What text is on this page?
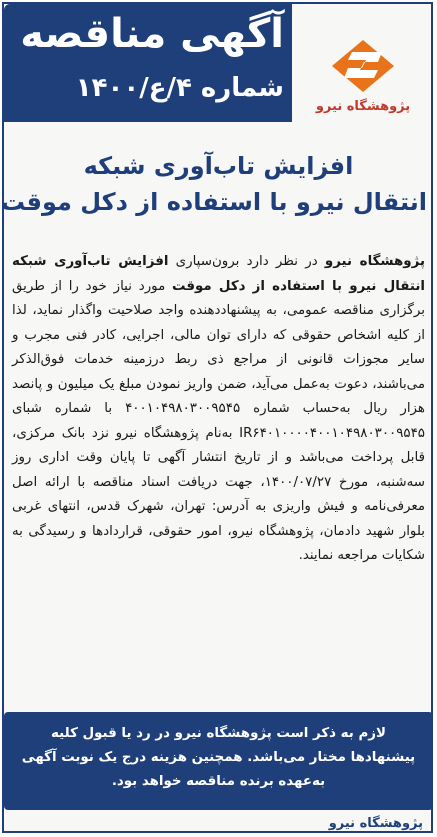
آگهی مناقصه
شماره ۴/ع/۱۴۰۰
پژوهشگاه نیرو
افزایش تاب‌آوری شبکه
انتقال نیرو با استفاده از دکل موقت
پژوهشگاه نیرو در نظر دارد برون‌سپاری افزایش تاب‌آوری شبکه انتقال نیرو با استفاده از دکل موقت مورد نیاز خود را از طریق برگزاری مناقصه عمومی، به پیشنهاددهنده واجد صلاحیت واگذار نماید، لذا از کلیه اشخاص حقوقی که دارای توان مالی، اجرایی، کادر فنی مجرب و سایر مجوزات قانونی از مراجع ذی ربط درزمینه خدمات فوق‌الذکر می‌باشند، دعوت به‌عمل می‌آید، ضمن واریز نمودن مبلغ یک میلیون و پانصد هزار ریال به‌حساب شماره ۴۰۰۱۰۴۹۸۰۳۰۰۹۵۴۵ با شماره شبای IR۶۴۰۱۰۰۰۰۴۰۰۱۰۴۹۸۰۳۰۰۹۵۴۵ به‌نام پژوهشگاه نیرو نزد بانک مرکزی، قابل پرداخت می‌باشد و از تاریخ انتشار آگهی تا پایان وقت اداری روز سه‌شنبه، مورخ ۱۴۰۰/۰۷/۲۷، جهت دریافت اسناد مناقصه با ارائه اصل معرفی‌نامه و فیش واریزی به آدرس: تهران، شهرک قدس، انتهای غربی بلوار شهید دادمان، پژوهشگاه نیرو، امور حقوقی، قراردادها و رسیدگی به شکایات مراجعه نمایند.
لازم به ذکر است پژوهشگاه نیرو در رد یا قبول کلیه پیشنهادها مختار می‌باشد. همچنین هزینه درج یک نوبت آگهی به‌عهده برنده مناقصه خواهد بود.
پژوهشگاه نیرو
